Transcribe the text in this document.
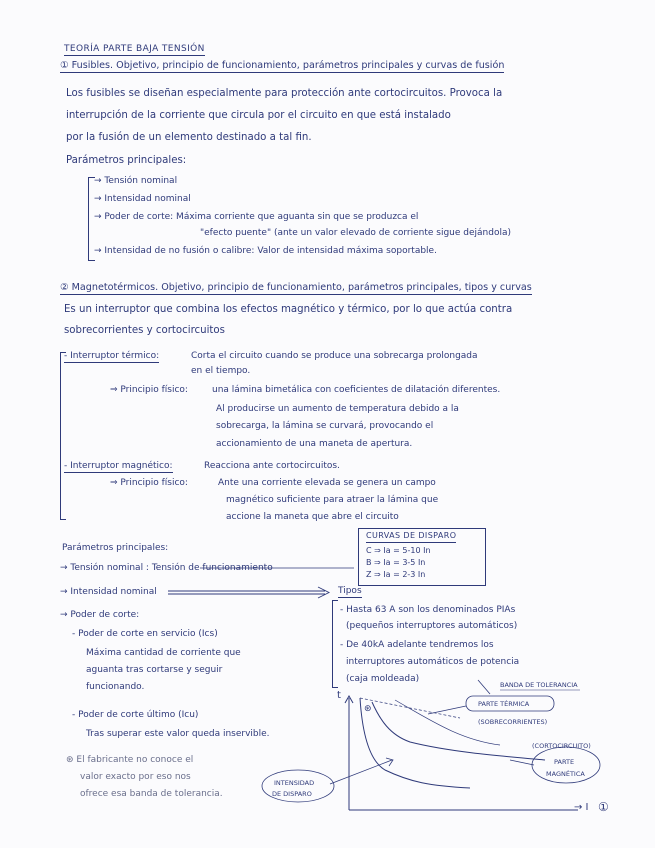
TEORÍA PARTE BAJA TENSIÓN
① Fusibles. Objetivo, principio de funcionamiento, parámetros principales y curvas de fusión
Los fusibles se diseñan especialmente para protección ante cortocircuitos. Provoca la
interrupción de la corriente que circula por el circuito en que está instalado
por la fusión de un elemento destinado a tal fin.
Parámetros principales:
→ Tensión nominal
→ Intensidad nominal
→ Poder de corte: Máxima corriente que aguanta sin que se produzca el
"efecto puente" (ante un valor elevado de corriente sigue dejándola)
→ Intensidad de no fusión o calibre: Valor de intensidad máxima soportable.
② Magnetotérmicos. Objetivo, principio de funcionamiento, parámetros principales, tipos y curvas
Es un interruptor que combina los efectos magnético y térmico, por lo que actúa contra
sobrecorrientes y cortocircuitos
- Interruptor térmico:	Corta el circuito cuando se produce una sobrecarga prolongada
en el tiempo.
⇒ Principio físico:	una lámina bimetálica con coeficientes de dilatación diferentes.
Al producirse un aumento de temperatura debido a la
sobrecarga, la lámina se curvará, provocando el
accionamiento de una maneta de apertura.
- Interruptor magnético:	Reacciona ante cortocircuitos.
⇒ Principio físico:	Ante una corriente elevada se genera un campo
magnético suficiente para atraer la lámina que
accione la maneta que abre el circuito
CURVAS DE DISPARO
C ⇒ Ia = 5-10 In
B ⇒ Ia = 3-5 In
Z ⇒ Ia = 2-3 In
Parámetros principales:
→ Tensión nominal : Tensión de funcionamiento
→ Intensidad nominal
→ Poder de corte:
- Poder de corte en servicio (Ics)
Máxima cantidad de corriente que
aguanta tras cortarse y seguir
funcionando.
- Poder de corte último (Icu)
Tras superar este valor queda inservible.
⊛ El fabricante no conoce el
valor exacto por eso nos
ofrece esa banda de tolerancia.
Tipos
- Hasta 63 A son los denominados PIAs
(pequeños interruptores automáticos)
- De 40kA adelante tendremos los
interruptores automáticos de potencia
(caja moldeada)
t
⊛
BANDA DE TOLERANCIA
PARTE TÉRMICA
(SOBRECORRIENTES)
(CORTOCIRCUITO)
PARTE
MAGNÉTICA
INTENSIDAD
DE DISPARO
→ I ①
